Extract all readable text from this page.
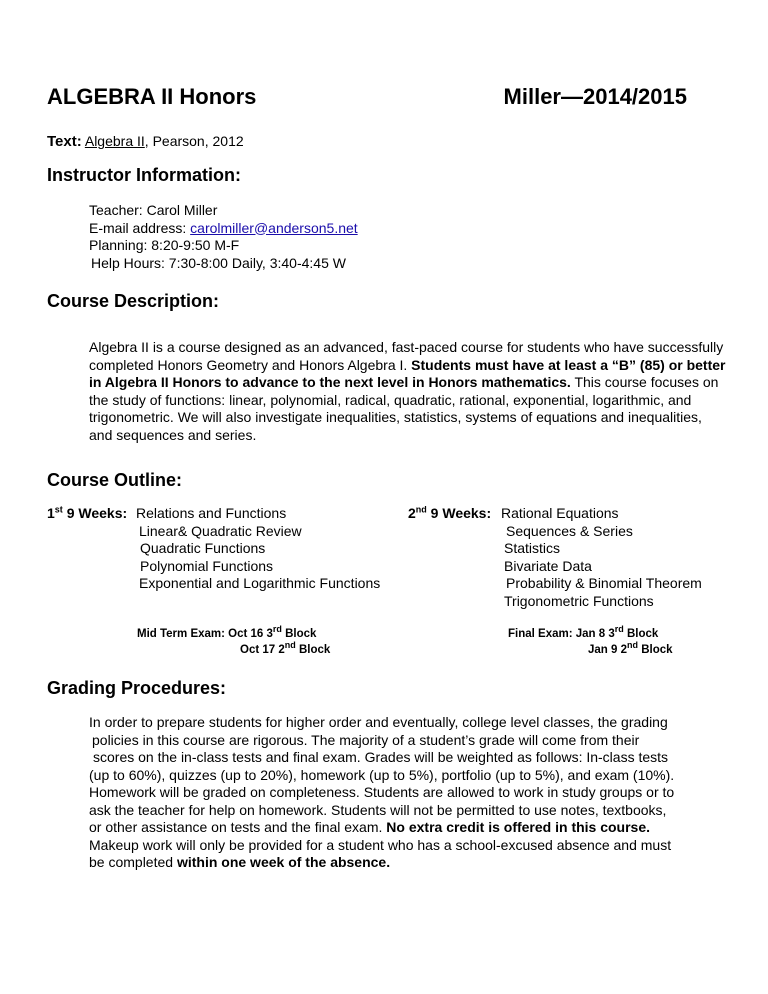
ALGEBRA II Honors	Miller—2014/2015
Text: Algebra II, Pearson, 2012
Instructor Information:
Teacher: Carol Miller
E-mail address: carolmiller@anderson5.net
Planning: 8:20-9:50 M-F
Help Hours: 7:30-8:00 Daily, 3:40-4:45 W
Course Description:
Algebra II is a course designed as an advanced, fast-paced course for students who have successfully completed Honors Geometry and Honors Algebra I. Students must have at least a “B” (85) or better in Algebra II Honors to advance to the next level in Honors mathematics. This course focuses on the study of functions: linear, polynomial, radical, quadratic, rational, exponential, logarithmic, and trigonometric. We will also investigate inequalities, statistics, systems of equations and inequalities, and sequences and series.
Course Outline:
1st 9 Weeks: Relations and Functions
Linear& Quadratic Review
Quadratic Functions
Polynomial Functions
Exponential and Logarithmic Functions
2nd 9 Weeks: Rational Equations
Sequences & Series
Statistics
Bivariate Data
Probability & Binomial Theorem
Trigonometric Functions
Mid Term Exam: Oct 16 3rd Block
Oct 17 2nd Block
Final Exam: Jan 8 3rd Block
Jan 9 2nd Block
Grading Procedures:
In order to prepare students for higher order and eventually, college level classes, the grading
policies in this course are rigorous. The majority of a student’s grade will come from their
scores on the in-class tests and final exam. Grades will be weighted as follows: In-class tests
(up to 60%), quizzes (up to 20%), homework (up to 5%), portfolio (up to 5%), and exam (10%).
Homework will be graded on completeness. Students are allowed to work in study groups or to
ask the teacher for help on homework. Students will not be permitted to use notes, textbooks,
or other assistance on tests and the final exam. No extra credit is offered in this course.
Makeup work will only be provided for a student who has a school-excused absence and must
be completed within one week of the absence.
